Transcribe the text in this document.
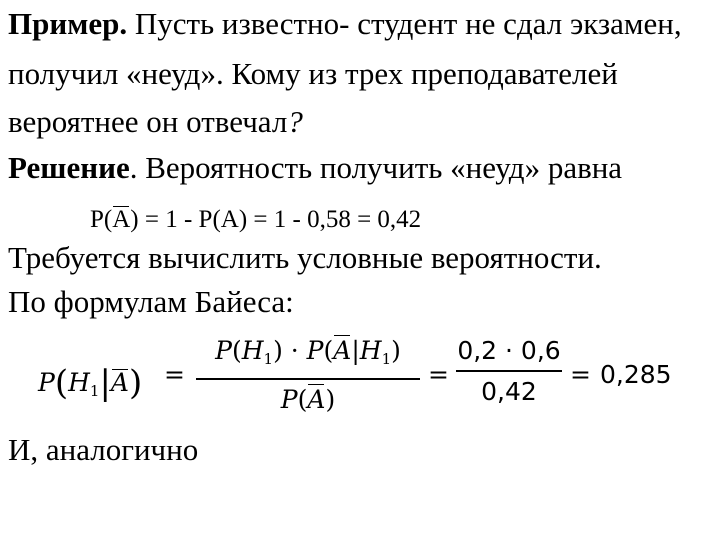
Пример. Пусть известно- студент не сдал экзамен,
получил «неуд». Кому из трех преподавателей
вероятнее он отвечал?
Решение. Вероятность получить «неуд» равна
P(A) = 1 - P(A) = 1 - 0,58 = 0,42
Требуется вычислить условные вероятности.
По формулам Байеса:
$P(H_1|A)$ =
$P(H_1) \cdot P(A|H_1)$
P(A)
=
0,2 · 0,6
0,42
= 0,285
И, аналогично
